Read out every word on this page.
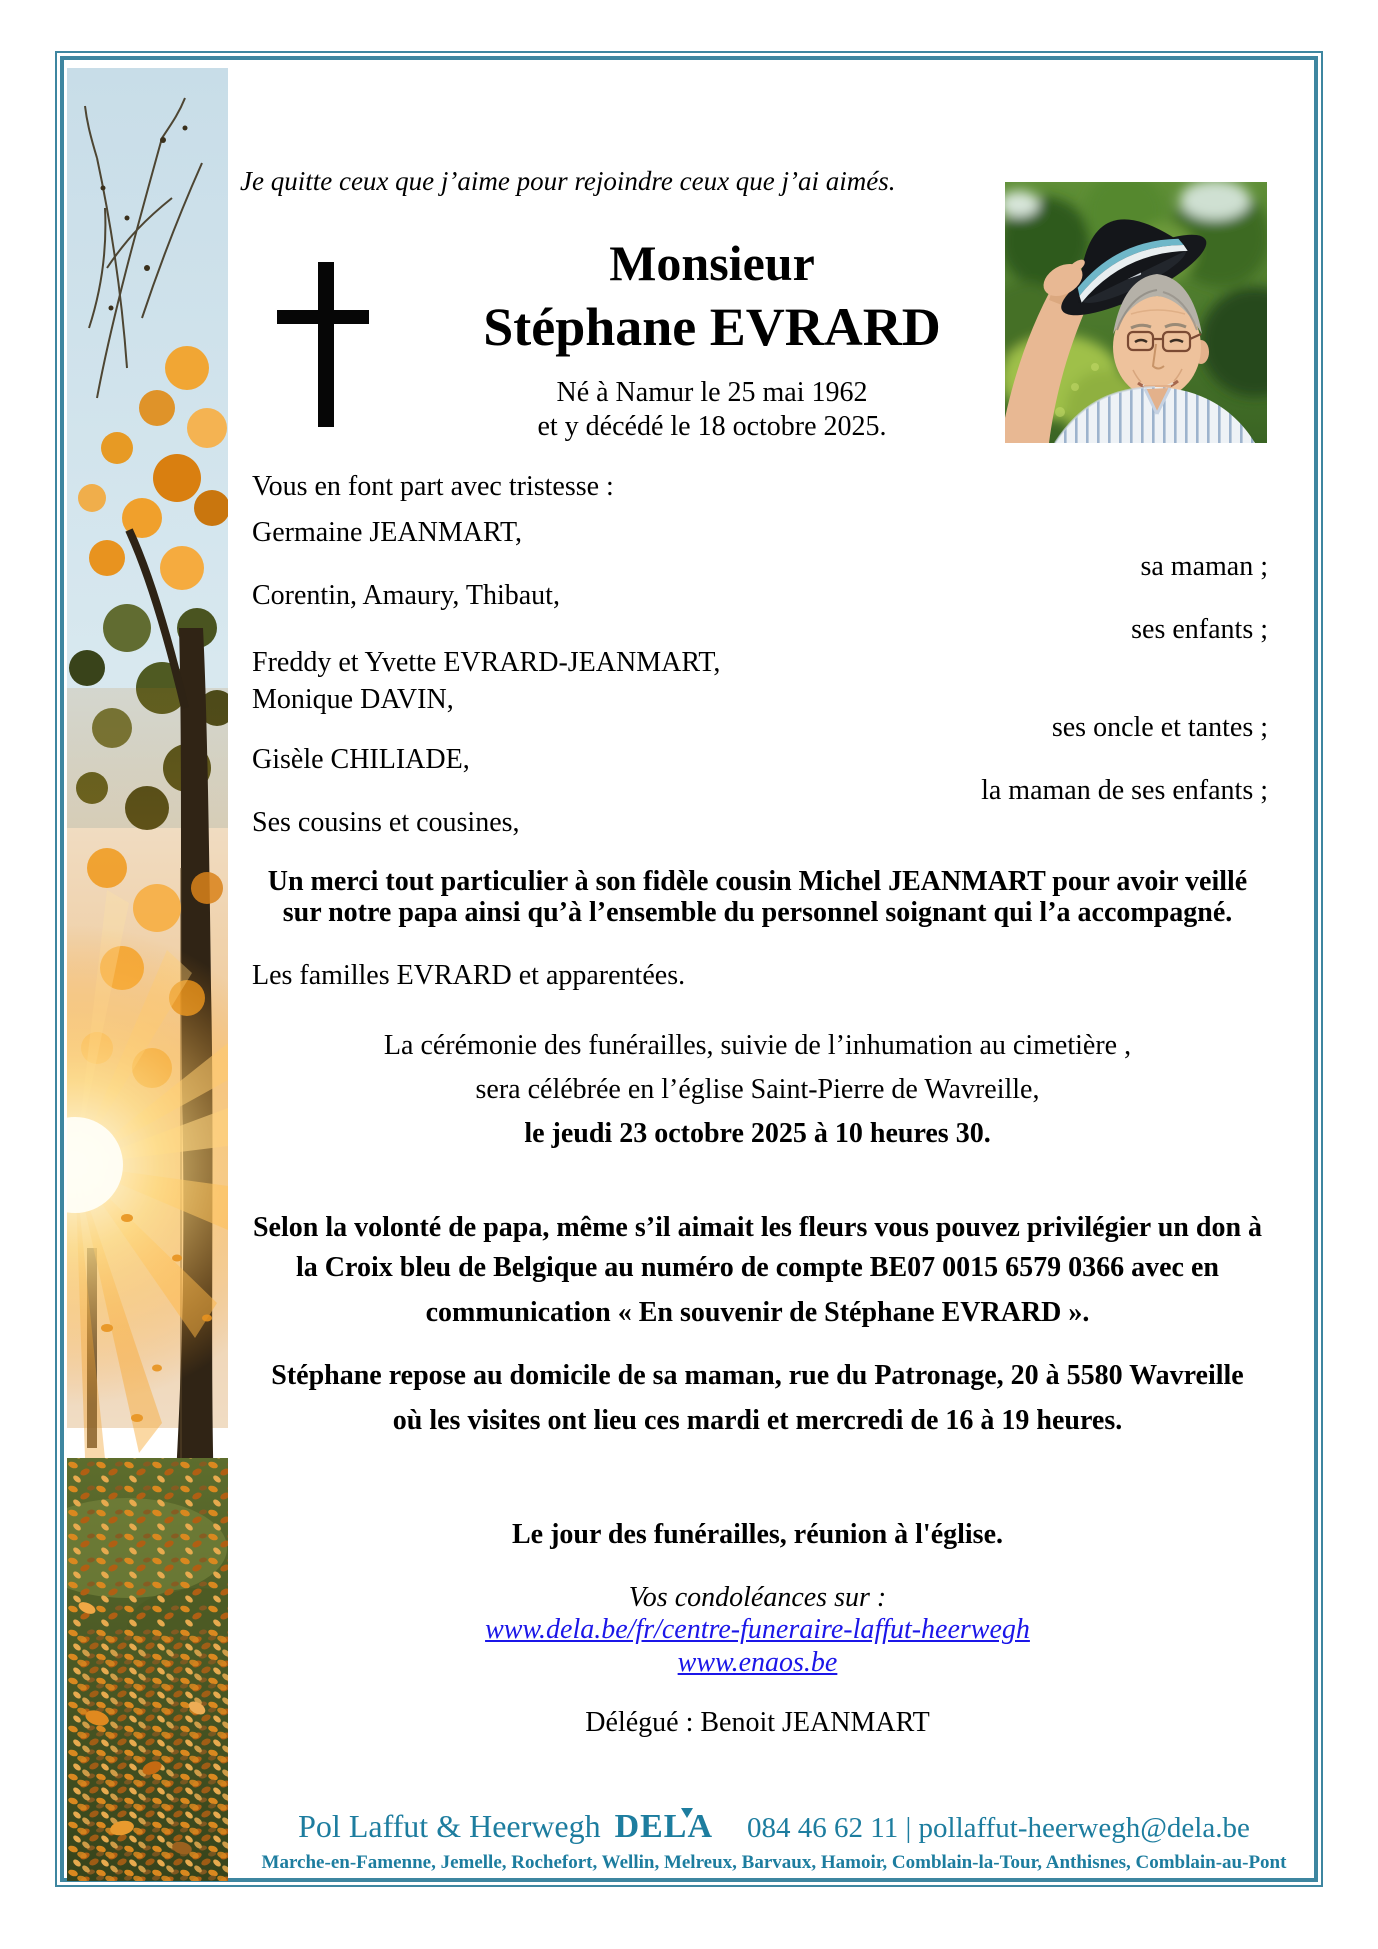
Je quitte ceux que j’aime pour rejoindre ceux que j’ai aimés.
Monsieur
Stéphane EVRARD
Né à Namur le 25 mai 1962
et y décédé le 18 octobre 2025.
Vous en font part avec tristesse :
Germaine JEANMART,
sa maman ;
Corentin, Amaury, Thibaut,
ses enfants ;
Freddy et Yvette EVRARD-JEANMART,
Monique DAVIN,
ses oncle et tantes ;
Gisèle CHILIADE,
la maman de ses enfants ;
Ses cousins et cousines,
Un merci tout particulier à son fidèle cousin Michel JEANMART pour avoir veillé
sur notre papa ainsi qu’à l’ensemble du personnel soignant qui l’a accompagné.
Les familles EVRARD et apparentées.
La cérémonie des funérailles, suivie de l’inhumation au cimetière ,
sera célébrée en l’église Saint-Pierre de Wavreille,
le jeudi 23 octobre 2025 à 10 heures 30.
Selon la volonté de papa, même s’il aimait les fleurs vous pouvez privilégier un don à
la Croix bleu de Belgique au numéro de compte BE07 0015 6579 0366 avec en
communication « En souvenir de Stéphane EVRARD ».
Stéphane repose au domicile de sa maman, rue du Patronage, 20 à 5580 Wavreille
où les visites ont lieu ces mardi et mercredi de 16 à 19 heures.
Le jour des funérailles, réunion à l'église.
Vos condoléances sur :
www.dela.be/fr/centre-funeraire-laffut-heerwegh
www.enaos.be
Délégué : Benoit JEANMART
Pol Laffut & Heerwegh DELA 084 46 62 11 | pollaffut-heerwegh@dela.be
Marche-en-Famenne, Jemelle, Rochefort, Wellin, Melreux, Barvaux, Hamoir, Comblain-la-Tour, Anthisnes, Comblain-au-Pont
